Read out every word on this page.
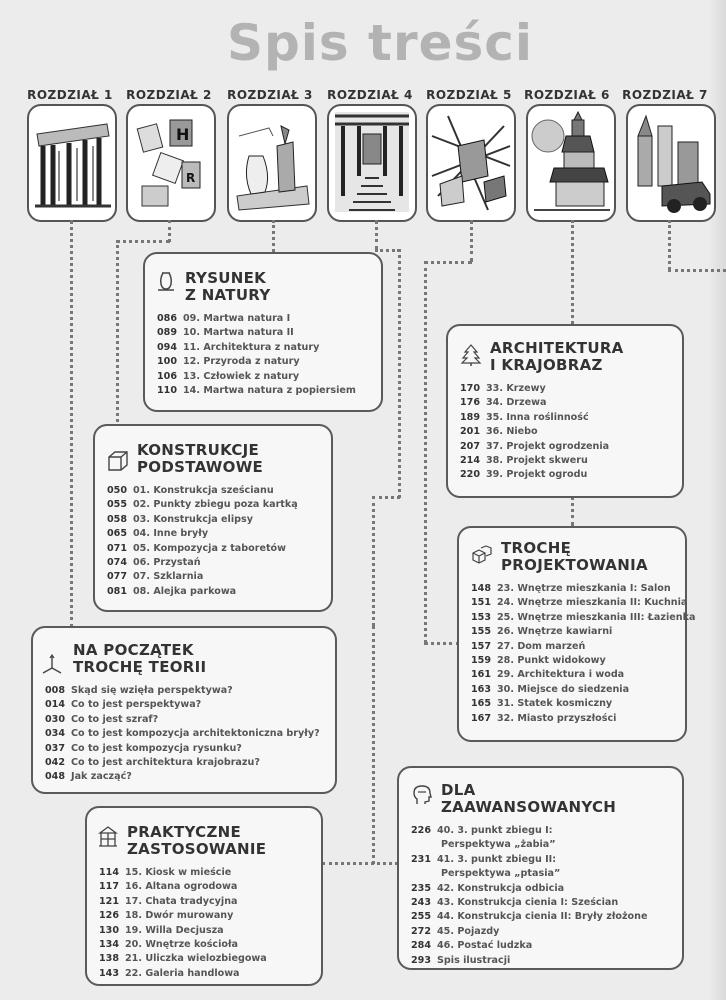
Spis treści
ROZDZIAŁ 1 ROZDZIAŁ 2 ROZDZIAŁ 3 ROZDZIAŁ 4 ROZDZIAŁ 5 ROZDZIAŁ 6 ROZDZIAŁ 7
H
R
RYSUNEK
Z NATURY
086 09. Martwa natura I
089 10. Martwa natura II
094 11. Architektura z natury
100 12. Przyroda z natury
106 13. Człowiek z natury
110 14. Martwa natura z popiersiem
ARCHITEKTURA
I KRAJOBRAZ
170 33. Krzewy
176 34. Drzewa
189 35. Inna roślinność
201 36. Niebo
207 37. Projekt ogrodzenia
214 38. Projekt skweru
220 39. Projekt ogrodu
KONSTRUKCJE
PODSTAWOWE
050 01. Konstrukcja sześcianu
055 02. Punkty zbiegu poza kartką
058 03. Konstrukcja elipsy
065 04. Inne bryły
071 05. Kompozycja z taboretów
074 06. Przystań
077 07. Szklarnia
081 08. Alejka parkowa
TROCHĘ
PROJEKTOWANIA
148 23. Wnętrze mieszkania I: Salon
151 24. Wnętrze mieszkania II: Kuchnia
153 25. Wnętrze mieszkania III: Łazienka
155 26. Wnętrze kawiarni
157 27. Dom marzeń
159 28. Punkt widokowy
161 29. Architektura i woda
163 30. Miejsce do siedzenia
165 31. Statek kosmiczny
167 32. Miasto przyszłości
NA POCZĄTEK
TROCHĘ TEORII
008 Skąd się wzięła perspektywa?
014 Co to jest perspektywa?
030 Co to jest szraf?
034 Co to jest kompozycja architektoniczna bryły?
037 Co to jest kompozycja rysunku?
042 Co to jest architektura krajobrazu?
048 Jak zacząć?
DLA
ZAAWANSOWANYCH
226 40. 3. punkt zbiegu I:
Perspektywa „żabia”
231 41. 3. punkt zbiegu II:
Perspektywa „ptasia”
235 42. Konstrukcja odbicia
243 43. Konstrukcja cienia I: Sześcian
255 44. Konstrukcja cienia II: Bryły złożone
272 45. Pojazdy
284 46. Postać ludzka
293 Spis ilustracji
PRAKTYCZNE
ZASTOSOWANIE
114 15. Kiosk w mieście
117 16. Altana ogrodowa
121 17. Chata tradycyjna
126 18. Dwór murowany
130 19. Willa Decjusza
134 20. Wnętrze kościoła
138 21. Uliczka wielozbiegowa
143 22. Galeria handlowa
